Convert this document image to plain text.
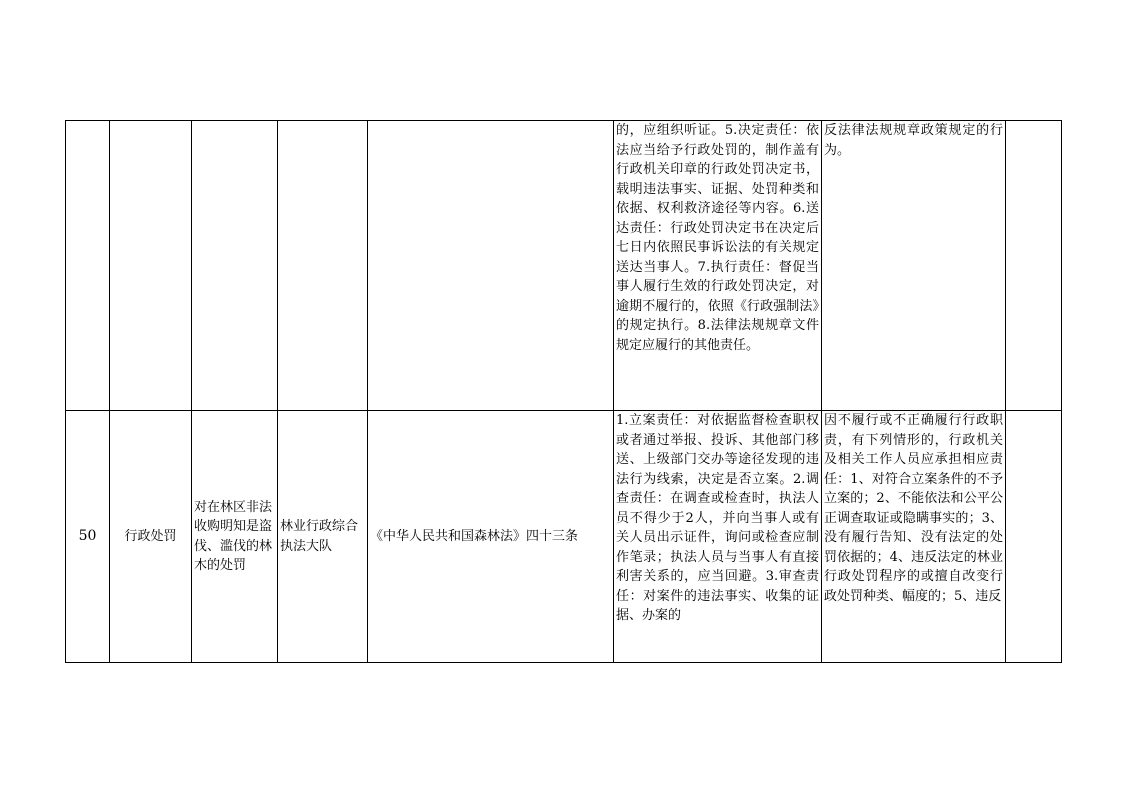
					的，应组织听证。5.决定责任：依法应当给予行政处罚的，制作盖有行政机关印章的行政处罚决定书，载明违法事实、证据、处罚种类和依据、权利救济途径等内容。6.送达责任：行政处罚决定书在决定后七日内依照民事诉讼法的有关规定送达当事人。7.执行责任：督促当事人履行生效的行政处罚决定，对逾期不履行的，依照《行政强制法》的规定执行。8.法律法规规章文件规定应履行的其他责任。	反法律法规规章政策规定的行为。	
50	行政处罚	对在林区非法收购明知是盗伐、滥伐的林木的处罚	林业行政综合执法大队	《中华人民共和国森林法》四十三条	1.立案责任：对依据监督检查职权或者通过举报、投诉、其他部门移送、上级部门交办等途径发现的违法行为线索，决定是否立案。2.调查责任：在调查或检查时，执法人员不得少于2人，并向当事人或有关人员出示证件，询问或检查应制作笔录；执法人员与当事人有直接利害关系的，应当回避。3.审查责任：对案件的违法事实、收集的证据、办案的	因不履行或不正确履行行政职责，有下列情形的，行政机关及相关工作人员应承担相应责任：1、对符合立案条件的不予立案的；2、不能依法和公平公正调查取证或隐瞒事实的；3、没有履行告知、没有法定的处罚依据的；4、违反法定的林业行政处罚程序的或擅自改变行政处罚种类、幅度的；5、违反	
